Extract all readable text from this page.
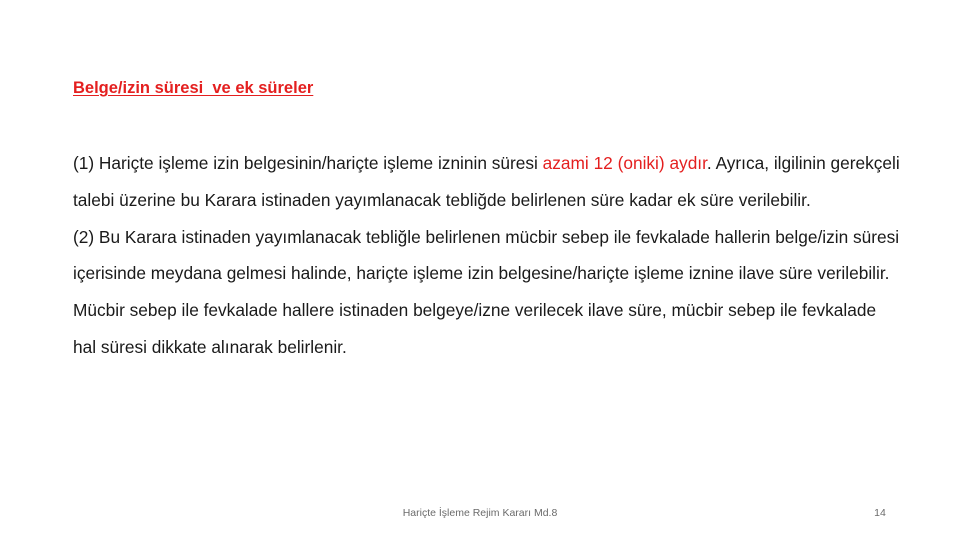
Belge/izin süresi  ve ek süreler

(1) Hariçte işleme izin belgesinin/hariçte işleme izninin süresi azami 12 (oniki) aydır. Ayrıca, ilgilinin gerekçeli talebi üzerine bu Karara istinaden yayımlanacak tebliğde belirlenen süre kadar ek süre verilebilir.

(2) Bu Karara istinaden yayımlanacak tebliğle belirlenen mücbir sebep ile fevkalade hallerin belge/izin süresi içerisinde meydana gelmesi halinde, hariçte işleme izin belgesine/hariçte işleme iznine ilave süre verilebilir. Mücbir sebep ile fevkalade hallere istinaden belgeye/izne verilecek ilave süre, mücbir sebep ile fevkalade hal süresi dikkate alınarak belirlenir.

Hariçte İşleme Rejim Kararı Md.8	14
